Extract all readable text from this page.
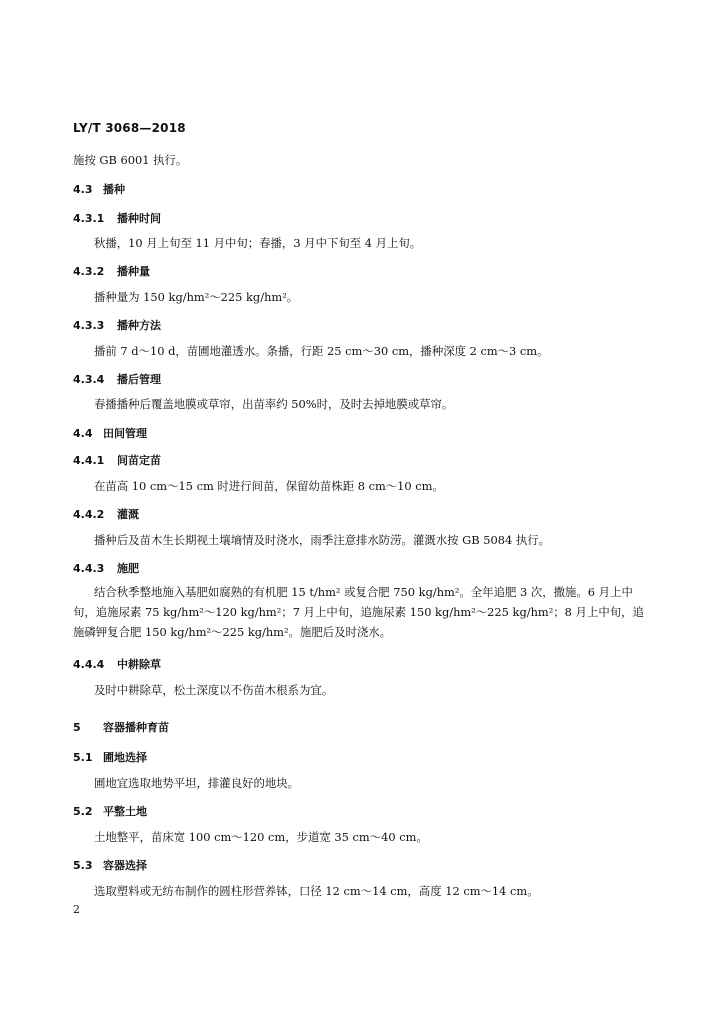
LY/T 3068—2018
施按 GB 6001 执行。
4.3 播种
4.3.1 播种时间
秋播，10 月上旬至 11 月中旬；春播，3 月中下旬至 4 月上旬。
4.3.2 播种量
播种量为 150 kg/hm²～225 kg/hm²。
4.3.3 播种方法
播前 7 d～10 d，苗圃地灌透水。条播，行距 25 cm～30 cm，播种深度 2 cm～3 cm。
4.3.4 播后管理
春播播种后覆盖地膜或草帘，出苗率约 50%时，及时去掉地膜或草帘。
4.4 田间管理
4.4.1 间苗定苗
在苗高 10 cm～15 cm 时进行间苗，保留幼苗株距 8 cm～10 cm。
4.4.2 灌溉
播种后及苗木生长期视土壤墒情及时浇水，雨季注意排水防涝。灌溉水按 GB 5084 执行。
4.4.3 施肥
结合秋季整地施入基肥如腐熟的有机肥 15 t/hm² 或复合肥 750 kg/hm²。全年追肥 3 次，撒施。6 月上中旬，追施尿素 75 kg/hm²～120 kg/hm²；7 月上中旬，追施尿素 150 kg/hm²～225 kg/hm²；8 月上中旬，追施磷钾复合肥 150 kg/hm²～225 kg/hm²。施肥后及时浇水。
4.4.4 中耕除草
及时中耕除草，松土深度以不伤苗木根系为宜。
5 容器播种育苗
5.1 圃地选择
圃地宜选取地势平坦，排灌良好的地块。
5.2 平整土地
土地整平，苗床宽 100 cm～120 cm，步道宽 35 cm～40 cm。
5.3 容器选择
选取塑料或无纺布制作的圆柱形营养钵，口径 12 cm～14 cm，高度 12 cm～14 cm。
2
